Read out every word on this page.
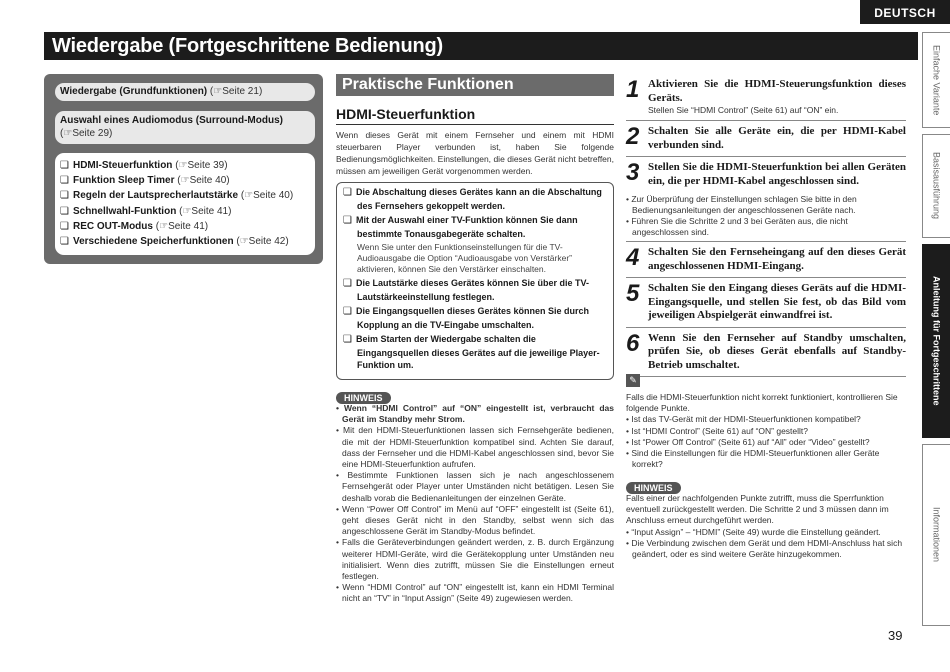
DEUTSCH
Wiedergabe (Fortgeschrittene Bedienung)	Einfache Variante
Basisausführung
Anleitung für Fortgeschrittene
Informationen
Wiedergabe (Grundfunktionen) (☞Seite 21)
Auswahl eines Audiomodus (Surround-Modus)
(☞Seite 29)
❏ HDMI-Steuerfunktion (☞Seite 39)
❏ Funktion Sleep Timer (☞Seite 40)
❏ Regeln der Lautsprecherlautstärke (☞Seite 40)
❏ Schnellwahl-Funktion (☞Seite 41)
❏ REC OUT-Modus (☞Seite 41)
❏ Verschiedene Speicherfunktionen (☞Seite 42)
Praktische Funktionen
HDMI-Steuerfunktion
Wenn dieses Gerät mit einem Fernseher und einem mit HDMI steuerbaren Player verbunden ist, haben Sie folgende Bedienungsmöglichkeiten. Einstellungen, die dieses Gerät nicht betreffen, müssen am jeweiligen Gerät vorgenommen werden.
❏ Die Abschaltung dieses Gerätes kann an die Abschaltung des Fernsehers gekoppelt werden.
❏ Mit der Auswahl einer TV-Funktion können Sie dann bestimmte Tonausgabegeräte schalten.
Wenn Sie unter den Funktionseinstellungen für die TV-Audioausgabe die Option “Audioausgabe von Verstärker” aktivieren, können Sie den Verstärker einschalten.
❏ Die Lautstärke dieses Gerätes können Sie über die TV-Lautstärkeeinstellung festlegen.
❏ Die Eingangsquellen dieses Gerätes können Sie durch Kopplung an die TV-Eingabe umschalten.
❏ Beim Starten der Wiedergabe schalten die Eingangsquellen dieses Gerätes auf die jeweilige Player-Funktion um.
HINWEIS
• Wenn “HDMI Control” auf “ON” eingestellt ist, verbraucht das Gerät im Standby mehr Strom.
• Mit den HDMI-Steuerfunktionen lassen sich Fernsehgeräte bedienen, die mit der HDMI-Steuerfunktion kompatibel sind. Achten Sie darauf, dass der Fernseher und die HDMI-Kabel angeschlossen sind, bevor Sie eine HDMI-Steuerfunktion aufrufen.
• Bestimmte Funktionen lassen sich je nach angeschlossenem Fernsehgerät oder Player unter Umständen nicht betätigen. Lesen Sie deshalb vorab die Bedienanleitungen der einzelnen Geräte.
• Wenn “Power Off Control” im Menü auf “OFF” eingestellt ist (Seite 61), geht dieses Gerät nicht in den Standby, selbst wenn sich das angeschlossene Gerät im Standby-Modus befindet.
• Falls die Geräteverbindungen geändert werden, z. B. durch Ergänzung weiterer HDMI-Geräte, wird die Gerätekopplung unter Umständen neu initialisiert. Wenn dies zutrifft, müssen Sie die Einstellungen erneut festlegen.
• Wenn “HDMI Control” auf “ON” eingestellt ist, kann ein HDMI Terminal nicht an “TV” in “Input Assign” (Seite 49) zugewiesen werden.
1 Aktivieren Sie die HDMI-Steuerungsfunktion dieses Geräts.
Stellen Sie “HDMI Control” (Seite 61) auf “ON” ein.
2 Schalten Sie alle Geräte ein, die per HDMI-Kabel verbunden sind.
3 Stellen Sie die HDMI-Steuerfunktion bei allen Geräten ein, die per HDMI-Kabel angeschlossen sind.
• Zur Überprüfung der Einstellungen schlagen Sie bitte in den Bedienungsanleitungen der angeschlossenen Geräte nach.
• Führen Sie die Schritte 2 und 3 bei Geräten aus, die nicht angeschlossen sind.
4 Schalten Sie den Fernseheingang auf den dieses Gerät angeschlossenen HDMI-Eingang.
5 Schalten Sie den Eingang dieses Geräts auf die HDMI-Eingangsquelle, und stellen Sie fest, ob das Bild vom jeweiligen Abspielgerät einwandfrei ist.
6 Wenn Sie den Fernseher auf Standby umschalten, prüfen Sie, ob dieses Gerät ebenfalls auf Standby-Betrieb umschaltet.
✎
Falls die HDMI-Steuerfunktion nicht korrekt funktioniert, kontrollieren Sie folgende Punkte.
• Ist das TV-Gerät mit der HDMI-Steuerfunktionen kompatibel?
• Ist “HDMI Control” (Seite 61) auf “ON” gestellt?
• Ist “Power Off Control” (Seite 61) auf “All” oder “Video” gestellt?
• Sind die Einstellungen für die HDMI-Steuerfunktionen aller Geräte korrekt?
HINWEIS
Falls einer der nachfolgenden Punkte zutrifft, muss die Sperrfunktion eventuell zurückgestellt werden. Die Schritte 2 und 3 müssen dann im Anschluss erneut durchgeführt werden.
• “Input Assign” – “HDMI” (Seite 49) wurde die Einstellung geändert.
• Die Verbindung zwischen dem Gerät und dem HDMI-Anschluss hat sich geändert, oder es sind weitere Geräte hinzugekommen.
39
